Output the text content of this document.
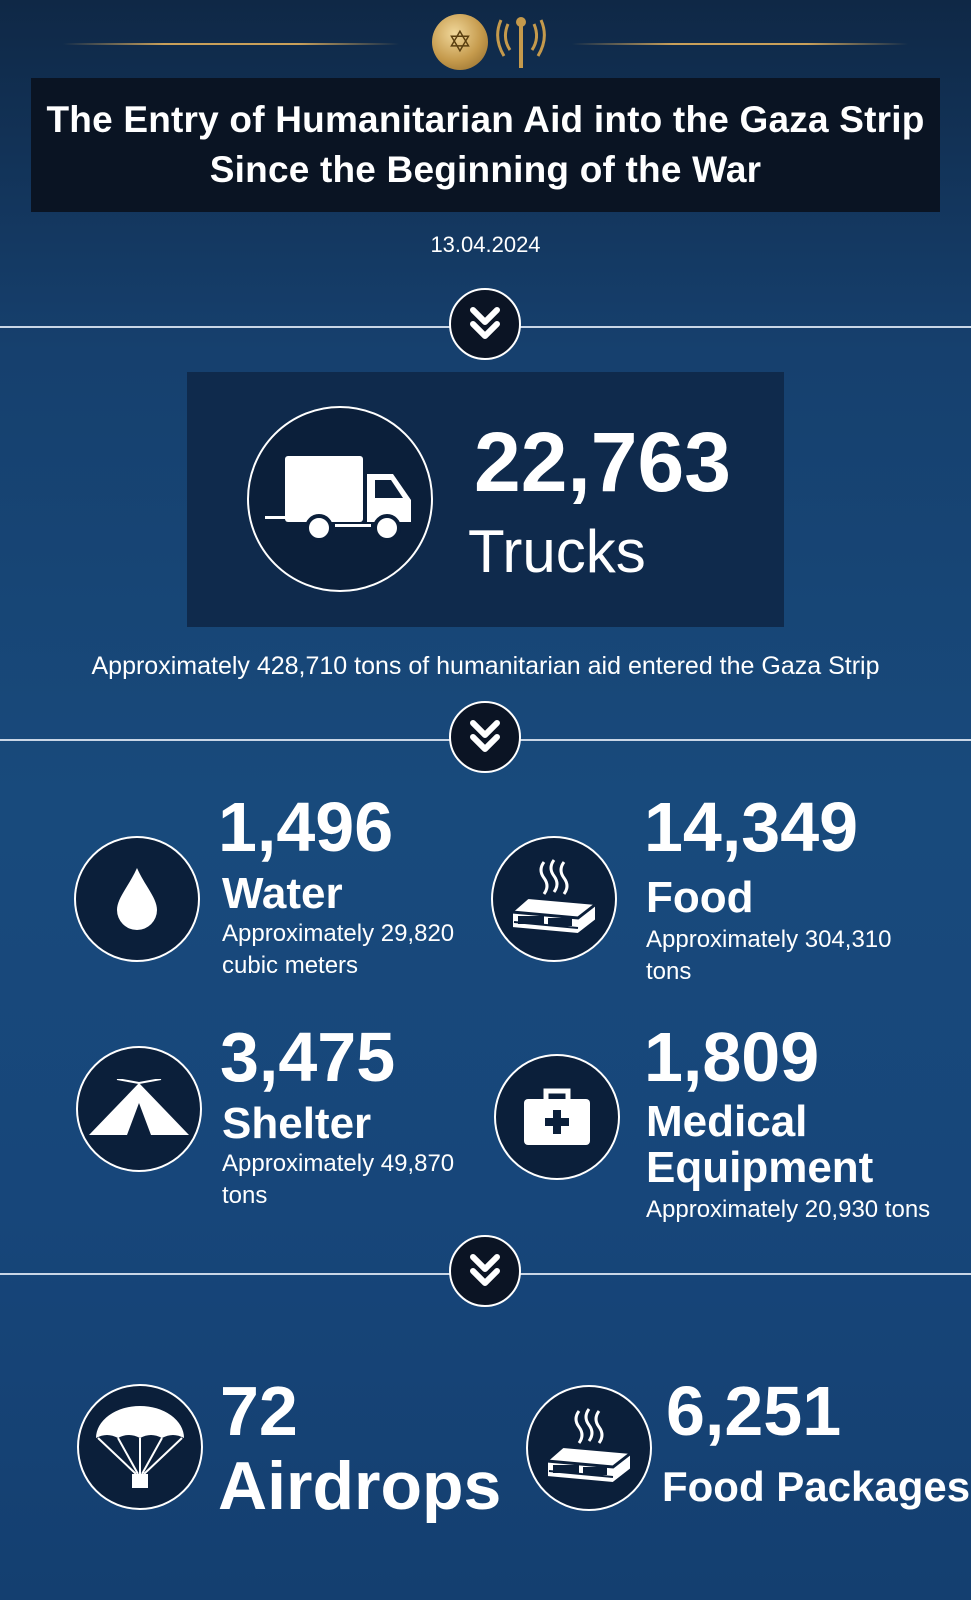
✡
The Entry of Humanitarian Aid into the Gaza Strip
Since the Beginning of the War
13.04.2024
22,763
Trucks
Approximately 428,710 tons of humanitarian aid entered the Gaza Strip
1,496
Water
Approximately 29,820 cubic meters
14,349
Food
Approximately 304,310 tons
3,475
Shelter
Approximately 49,870 tons
1,809
Medical
Equipment
Approximately 20,930 tons
72
Airdrops
6,251
Food Packages
